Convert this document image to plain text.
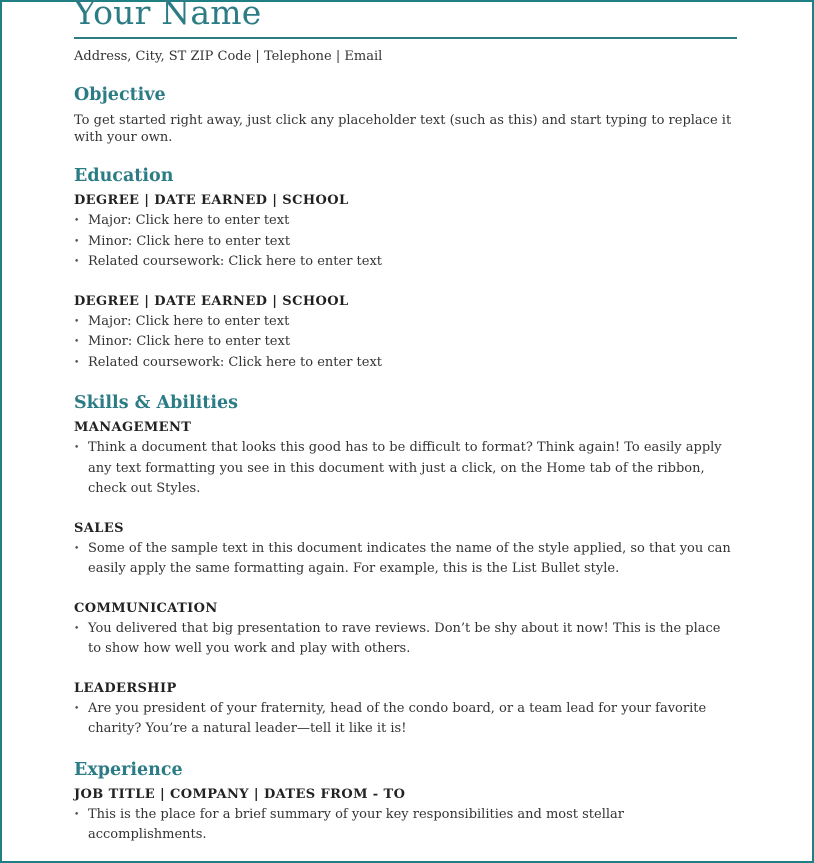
Your Name
Address, City, ST ZIP Code | Telephone | Email
Objective
To get started right away, just click any placeholder text (such as this) and start typing to replace it with your own.
Education
DEGREE | DATE EARNED | SCHOOL
• Major: Click here to enter text
• Minor: Click here to enter text
• Related coursework: Click here to enter text
DEGREE | DATE EARNED | SCHOOL
• Major: Click here to enter text
• Minor: Click here to enter text
• Related coursework: Click here to enter text
Skills & Abilities
MANAGEMENT
• Think a document that looks this good has to be difficult to format? Think again! To easily apply any text formatting you see in this document with just a click, on the Home tab of the ribbon, check out Styles.
SALES
• Some of the sample text in this document indicates the name of the style applied, so that you can easily apply the same formatting again. For example, this is the List Bullet style.
COMMUNICATION
• You delivered that big presentation to rave reviews. Don’t be shy about it now! This is the place to show how well you work and play with others.
LEADERSHIP
• Are you president of your fraternity, head of the condo board, or a team lead for your favorite charity? You’re a natural leader—tell it like it is!
Experience
JOB TITLE | COMPANY | DATES FROM - TO
• This is the place for a brief summary of your key responsibilities and most stellar accomplishments.
